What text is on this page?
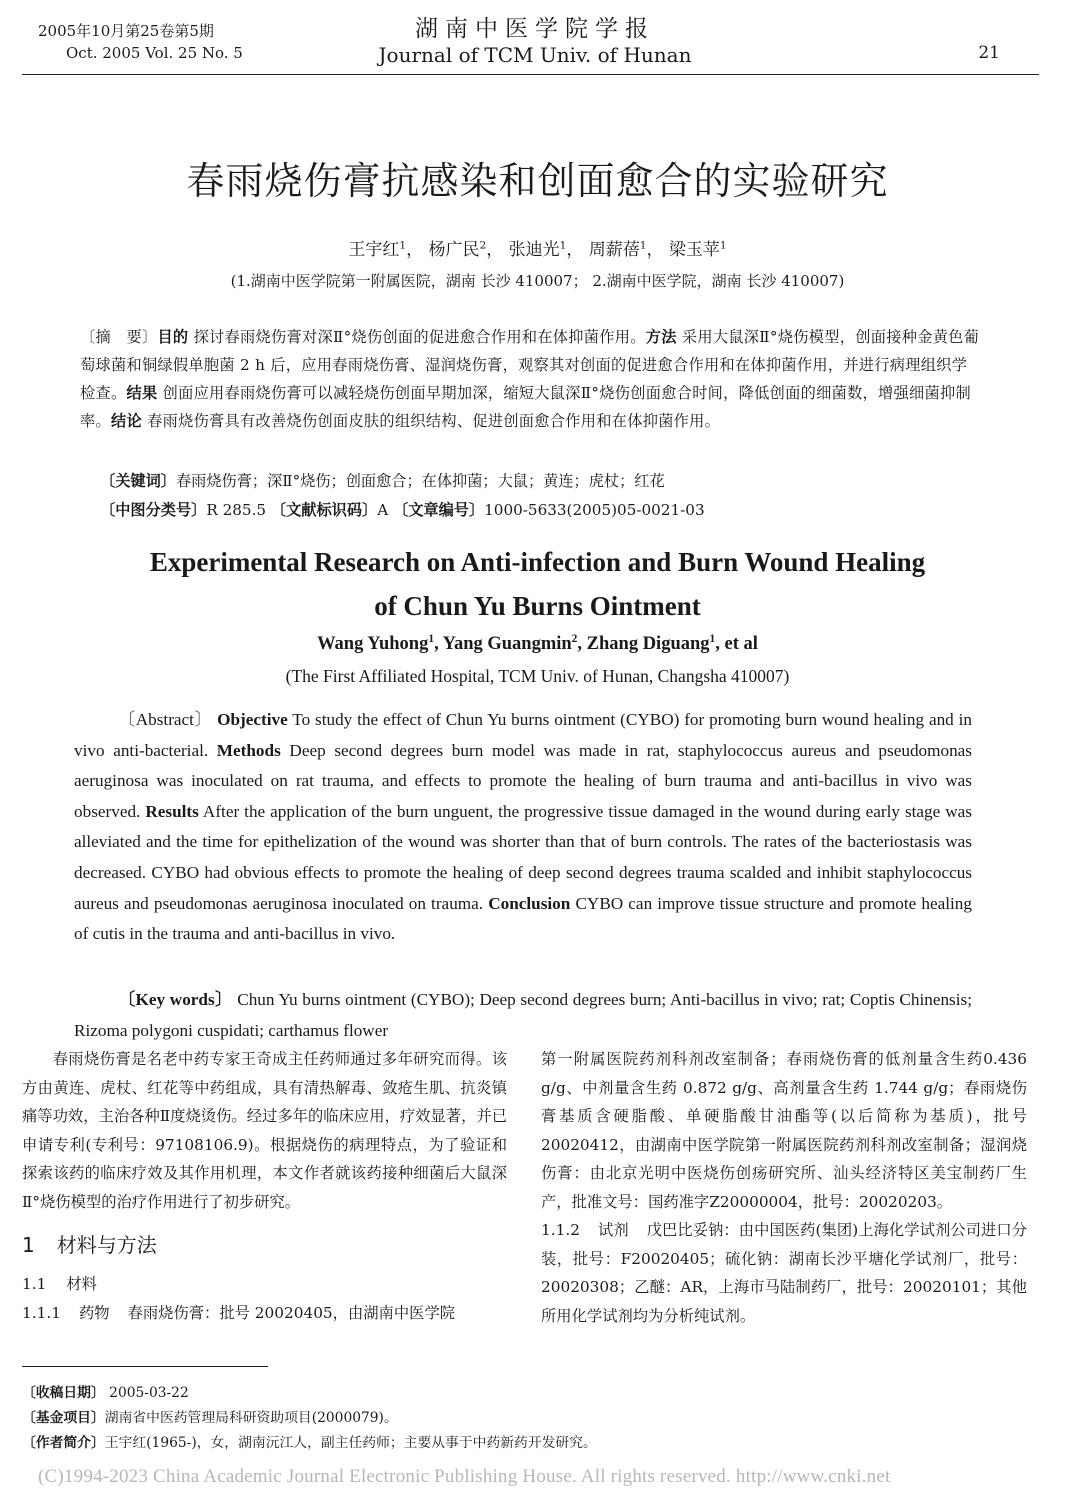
2005年10月第25卷第5期
Oct. 2005 Vol. 25 No. 5
湖南中医学院学报
Journal of TCM Univ. of Hunan	21
春雨烧伤膏抗感染和创面愈合的实验研究
王宇红$^1$， 杨广民$^2$， 张迪光$^1$， 周薪蓓$^1$， 梁玉苹$^1$
(1.湖南中医学院第一附属医院，湖南 长沙 410007； 2.湖南中医学院，湖南 长沙 410007)
〔摘　要〕目的 探讨春雨烧伤膏对深Ⅱ°烧伤创面的促进愈合作用和在体抑菌作用。方法 采用大鼠深Ⅱ°烧伤模型，创面接种金黄色葡萄球菌和铜绿假单胞菌 2 h 后，应用春雨烧伤膏、湿润烧伤膏，观察其对创面的促进愈合作用和在体抑菌作用，并进行病理组织学检查。结果 创面应用春雨烧伤膏可以减轻烧伤创面早期加深，缩短大鼠深Ⅱ°烧伤创面愈合时间，降低创面的细菌数，增强细菌抑制率。结论 春雨烧伤膏具有改善烧伤创面皮肤的组织结构、促进创面愈合作用和在体抑菌作用。
〔关键词〕春雨烧伤膏；深Ⅱ°烧伤；创面愈合；在体抑菌；大鼠；黄连；虎杖；红花
〔中图分类号〕R 285.5 〔文献标识码〕A 〔文章编号〕1000-5633(2005)05-0021-03
Experimental Research on Anti-infection and Burn Wound Healing
of Chun Yu Burns Ointment
Wang Yuhong$^1$, Yang Guangmin$^2$, Zhang Diguang$^1$, et al
(The First Affiliated Hospital, TCM Univ. of Hunan, Changsha 410007)
〔Abstract〕 Objective To study the effect of Chun Yu burns ointment (CYBO) for promoting burn wound healing and in vivo anti-bacterial. Methods Deep second degrees burn model was made in rat, staphylococcus aureus and pseudomonas aeruginosa was inoculated on rat trauma, and effects to promote the healing of burn trauma and anti-bacillus in vivo was observed. Results After the application of the burn unguent, the progressive tissue damaged in the wound during early stage was alleviated and the time for epithelization of the wound was shorter than that of burn controls. The rates of the bacteriostasis was decreased. CYBO had obvious effects to promote the healing of deep second degrees trauma scalded and inhibit staphylococcus aureus and pseudomonas aeruginosa inoculated on trauma. Conclusion CYBO can improve tissue structure and promote healing of cutis in the trauma and anti-bacillus in vivo.
〔Key words〕 Chun Yu burns ointment (CYBO); Deep second degrees burn; Anti-bacillus in vivo; rat; Coptis Chinensis; Rizoma polygoni cuspidati; carthamus flower

春雨烧伤膏是名老中药专家王奇成主任药师通过多年研究而得。该方由黄连、虎杖、红花等中药组成，具有清热解毒、敛疮生肌、抗炎镇痛等功效，主治各种Ⅱ度烧烫伤。经过多年的临床应用，疗效显著，并已申请专利(专利号：97108106.9)。根据烧伤的病理特点，为了验证和探索该药的临床疗效及其作用机理，本文作者就该药接种细菌后大鼠深Ⅱ°烧伤模型的治疗作用进行了初步研究。

1 材料与方法

1.1 材料

1.1.1 药物 春雨烧伤膏：批号 20020405，由湖南中医学院

第一附属医院药剂科剂改室制备；春雨烧伤膏的低剂量含生药0.436 g/g、中剂量含生药 0.872 g/g、高剂量含生药 1.744 g/g；春雨烧伤膏基质含硬脂酸、单硬脂酸甘油酯等(以后简称为基质)，批号 20020412，由湖南中医学院第一附属医院药剂科剂改室制备；湿润烧伤膏：由北京光明中医烧伤创疡研究所、汕头经济特区美宝制药厂生产，批准文号：国药准字Z20000004，批号：20020203。

1.1.2 试剂 戊巴比妥钠：由中国医药(集团)上海化学试剂公司进口分装，批号：F20020405；硫化钠：湖南长沙平塘化学试剂厂，批号：20020308；乙醚：AR，上海市马陆制药厂，批号：20020101；其他所用化学试剂均为分析纯试剂。

〔收稿日期〕 2005-03-22
〔基金项目〕湖南省中医药管理局科研资助项目(2000079)。
〔作者简介〕王宇红(1965-)，女，湖南沅江人，副主任药师；主要从事于中药新药开发研究。
(C)1994-2023 China Academic Journal Electronic Publishing House. All rights reserved. http://www.cnki.net
